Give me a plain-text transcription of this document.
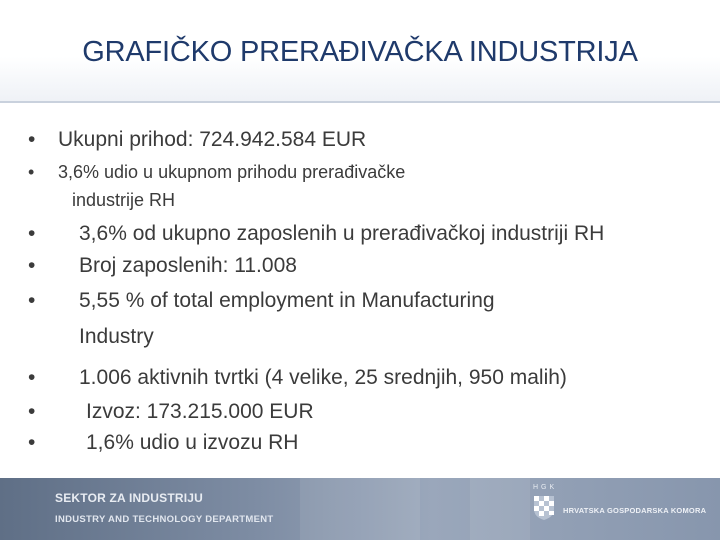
GRAFIČKO PRERAĐIVAČKA INDUSTRIJA
• Ukupni prihod: 724.942.584 EUR
• 3,6% udio u ukupnom prihodu prerađivačke
industrije RH
• 3,6% od ukupno zaposlenih u prerađivačkoj industriji RH
• Broj zaposlenih: 11.008
• 5,55 % of total employment in Manufacturing
Industry
• 1.006 aktivnih tvrtki (4 velike, 25 srednjih, 950 malih)
• Izvoz: 173.215.000 EUR
• 1,6% udio u izvozu RH
SEKTOR ZA INDUSTRIJU
INDUSTRY AND TECHNOLOGY DEPARTMENT
HGK
HRVATSKA GOSPODARSKA KOMORA
